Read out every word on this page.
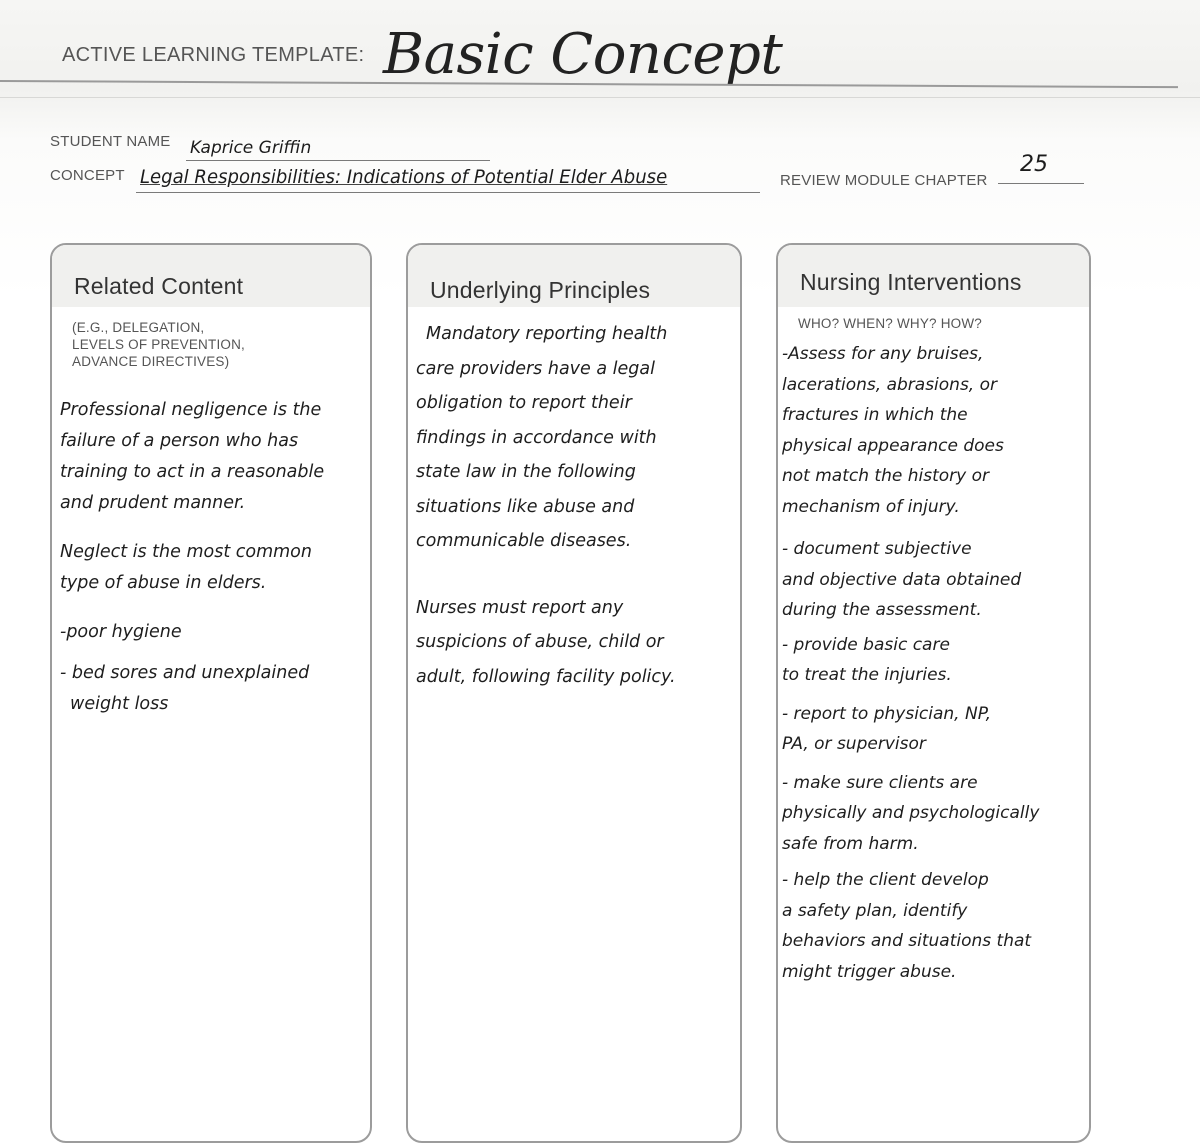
ACTIVE LEARNING TEMPLATE: Basic Concept
STUDENT NAME Kaprice Griffin
CONCEPT Legal Responsibilities: Indications of Potential Elder Abuse	REVIEW MODULE CHAPTER
25
Related Content
(E.G., DELEGATION,
LEVELS OF PREVENTION,
ADVANCE DIRECTIVES)
Professional negligence is the
failure of a person who has
training to act in a reasonable
and prudent manner.
Neglect is the most common
type of abuse in elders.
-poor hygiene
- bed sores and unexplained
weight loss
Underlying Principles
Mandatory reporting health
care providers have a legal
obligation to report their
findings in accordance with
state law in the following
situations like abuse and
communicable diseases.
Nurses must report any
suspicions of abuse, child or
adult, following facility policy.
Nursing Interventions
WHO? WHEN? WHY? HOW?
-Assess for any bruises,
lacerations, abrasions, or
fractures in which the
physical appearance does
not match the history or
mechanism of injury.
- document subjective
and objective data obtained
during the assessment.
- provide basic care
to treat the injuries.
- report to physician, NP,
PA, or supervisor
- make sure clients are
physically and psychologically
safe from harm.
- help the client develop
a safety plan, identify
behaviors and situations that
might trigger abuse.
